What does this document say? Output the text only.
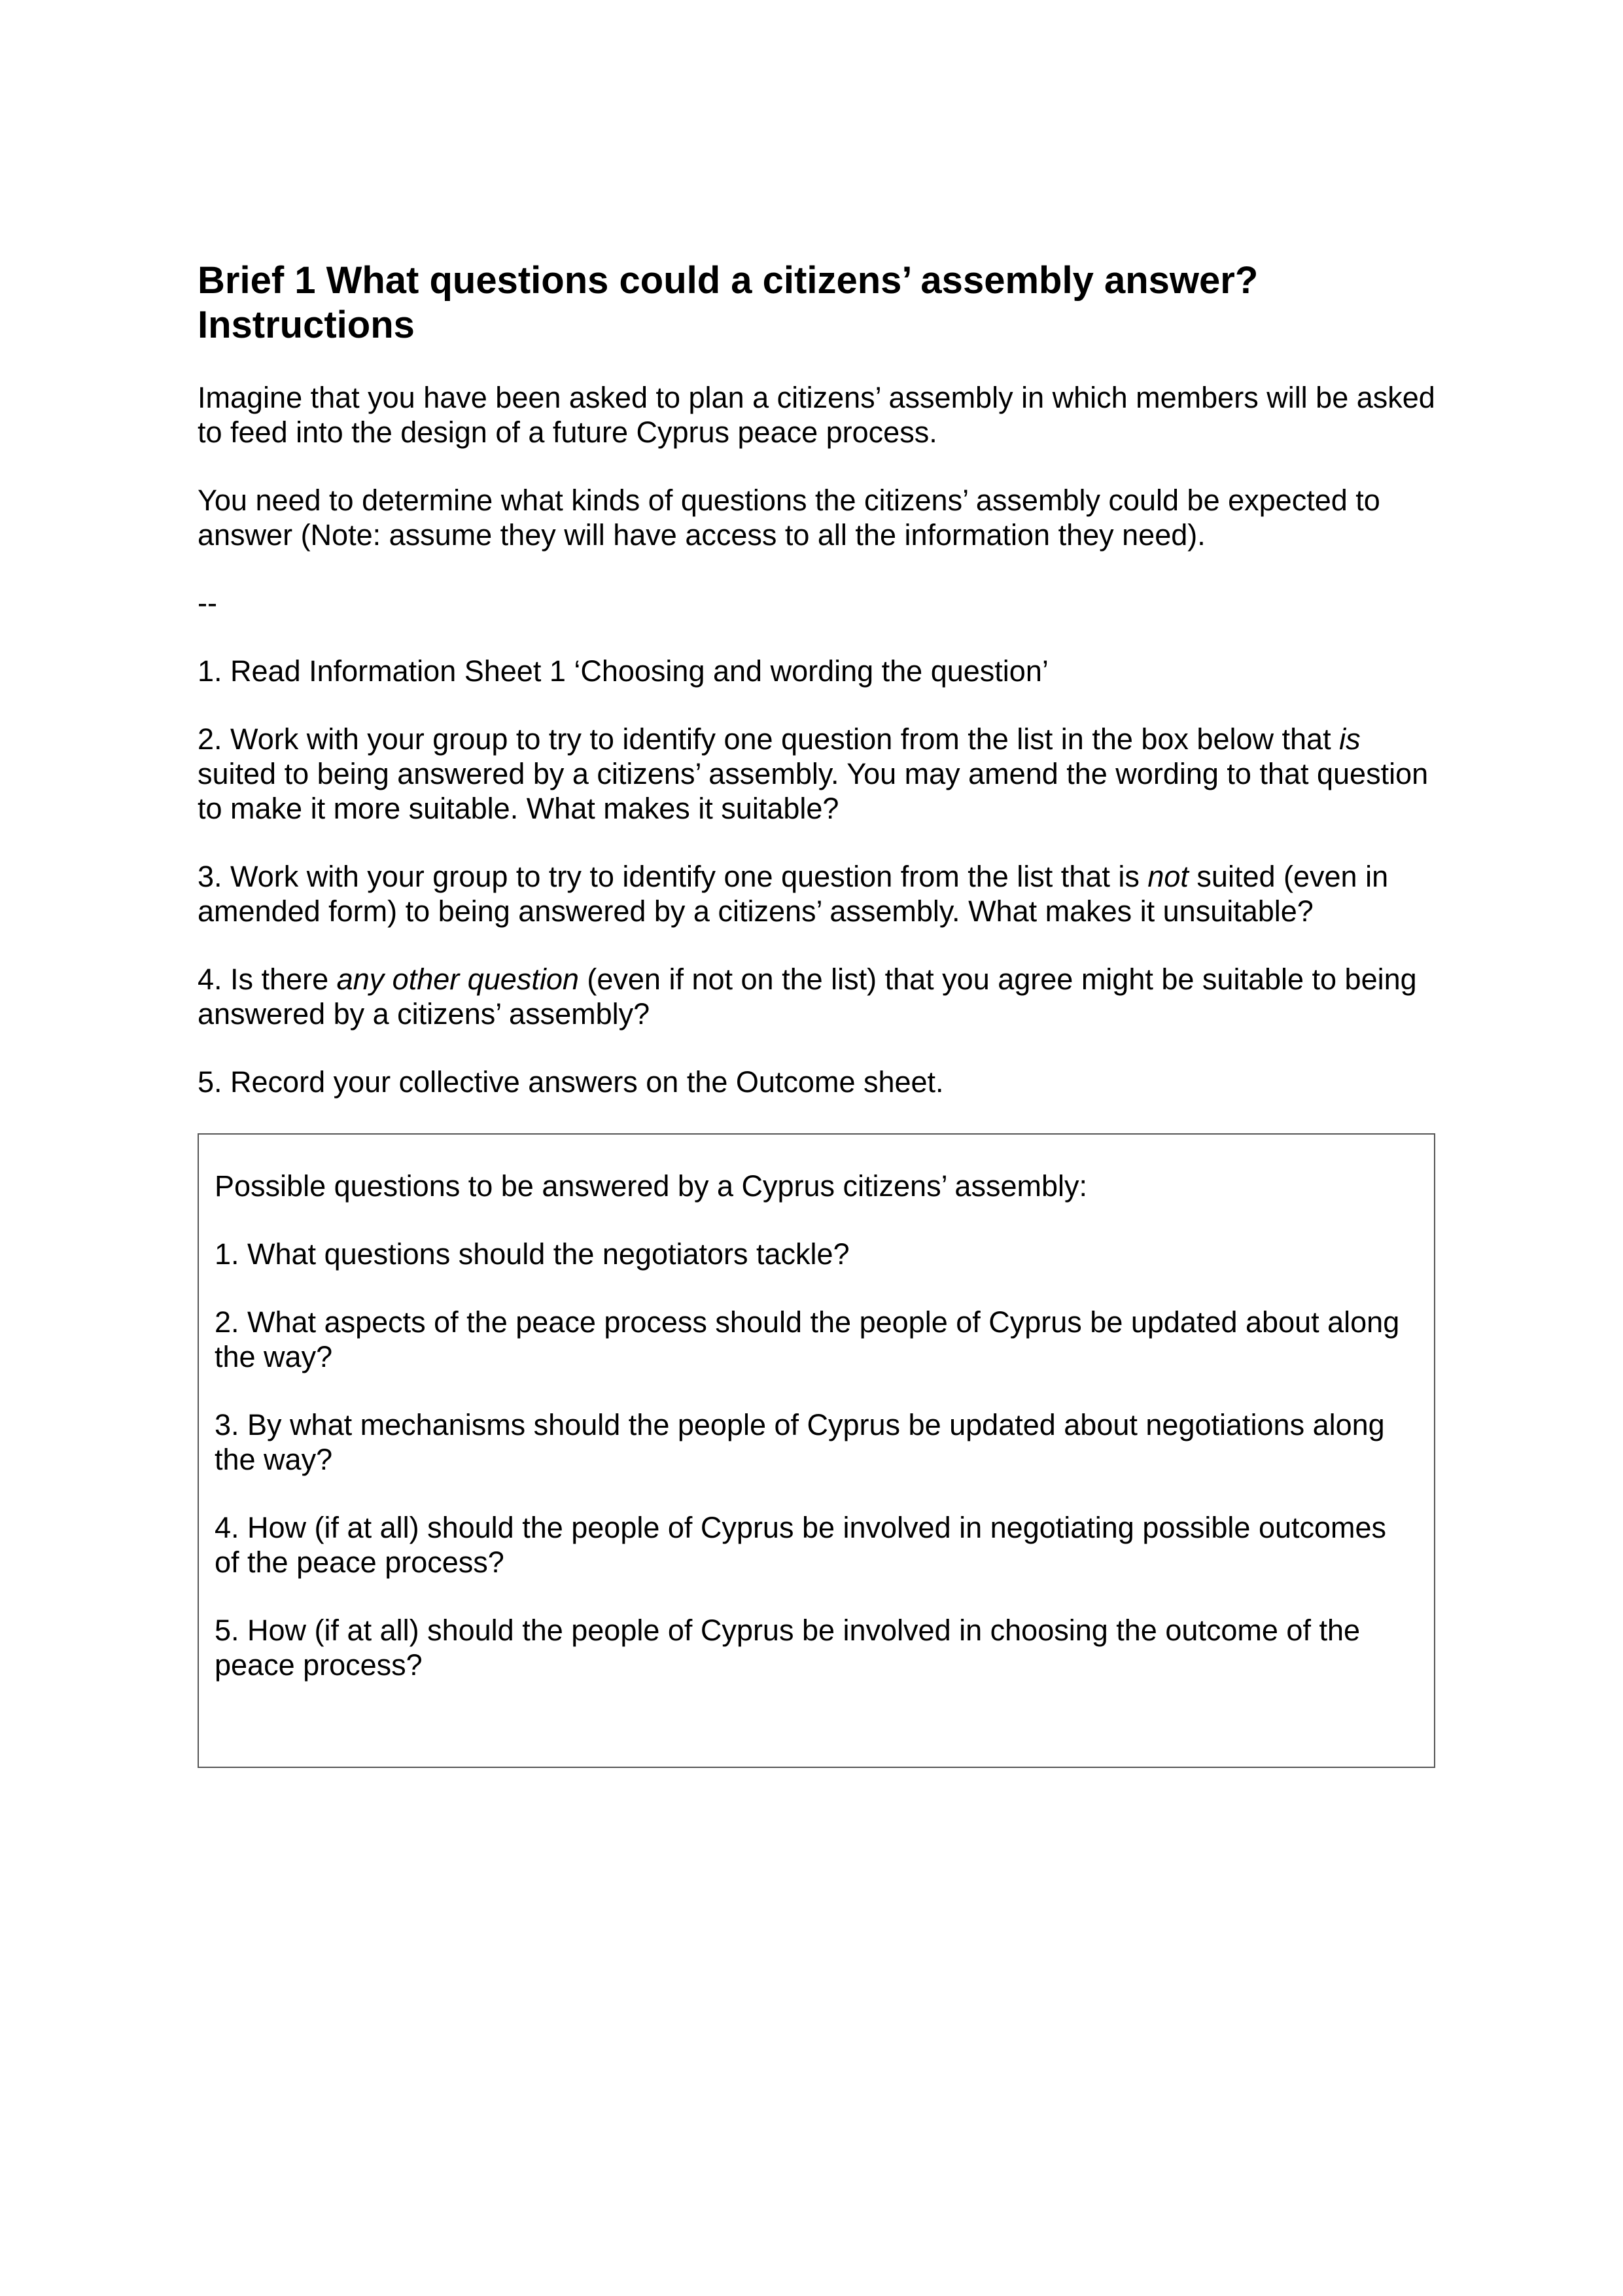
Brief 1 What questions could a citizens’ assembly answer?
Instructions

Imagine that you have been asked to plan a citizens’ assembly in which members will be asked to feed into the design of a future Cyprus peace process.

You need to determine what kinds of questions the citizens’ assembly could be expected to answer (Note: assume they will have access to all the information they need).

--

1. Read Information Sheet 1 ‘Choosing and wording the question’

2. Work with your group to try to identify one question from the list in the box below that is suited to being answered by a citizens’ assembly. You may amend the wording to that question to make it more suitable. What makes it suitable?

3. Work with your group to try to identify one question from the list that is not suited (even in amended form) to being answered by a citizens’ assembly. What makes it unsuitable?

4. Is there any other question (even if not on the list) that you agree might be suitable to being answered by a citizens’ assembly?

5. Record your collective answers on the Outcome sheet.

Possible questions to be answered by a Cyprus citizens’ assembly:

1. What questions should the negotiators tackle?

2. What aspects of the peace process should the people of Cyprus be updated about along the way?

3. By what mechanisms should the people of Cyprus be updated about negotiations along the way?

4. How (if at all) should the people of Cyprus be involved in negotiating possible outcomes of the peace process?

5. How (if at all) should the people of Cyprus be involved in choosing the outcome of the peace process?
